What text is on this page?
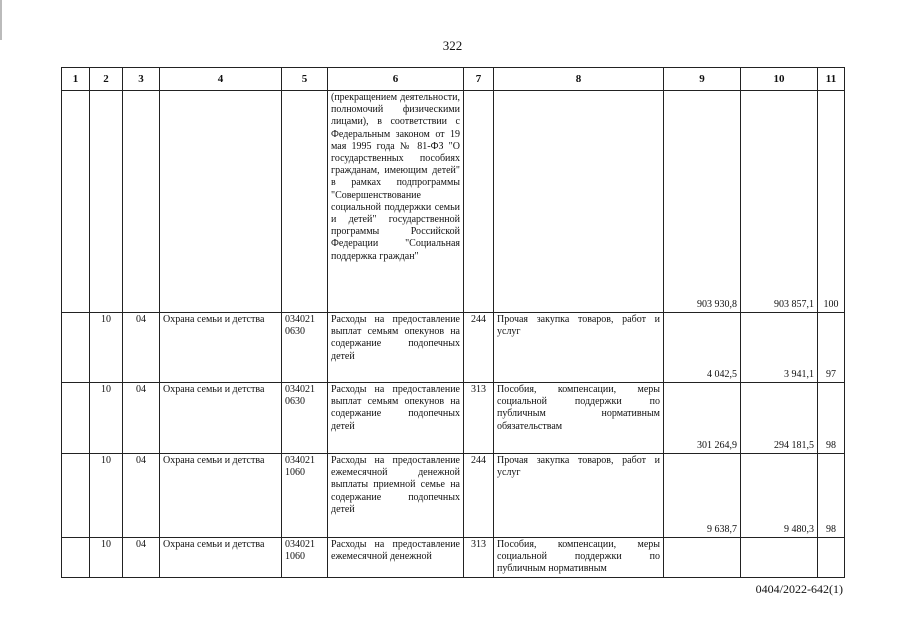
322
1	2	3	4	5	6	7	8	9	10	11
					(прекращением деятельности, полномочий физическими лицами), в соответствии с Федеральным законом от 19 мая 1995 года № 81-ФЗ "О государственных пособиях гражданам, имеющим детей" в рамках подпрограммы "Совершенствование социальной поддержки семьи и детей" государственной программы Российской Федерации "Социальная поддержка граждан"			903 930,8	903 857,1	100
	10	04	Охрана семьи и детства	034021 0630	Расходы на предоставление выплат семьям опекунов на содержание подопечных детей	244	Прочая закупка товаров, работ и услуг	4 042,5	3 941,1	97
	10	04	Охрана семьи и детства	034021 0630	Расходы на предоставление выплат семьям опекунов на содержание подопечных детей	313	Пособия, компенсации, меры социальной поддержки по публичным нормативным обязательствам	301 264,9	294 181,5	98
	10	04	Охрана семьи и детства	034021 1060	Расходы на предоставление ежемесячной денежной выплаты приемной семье на содержание подопечных детей	244	Прочая закупка товаров, работ и услуг	9 638,7	9 480,3	98
	10	04	Охрана семьи и детства	034021 1060	Расходы на предоставление ежемесячной денежной	313	Пособия, компенсации, меры социальной поддержки по публичным нормативным			
0404/2022-642(1)
